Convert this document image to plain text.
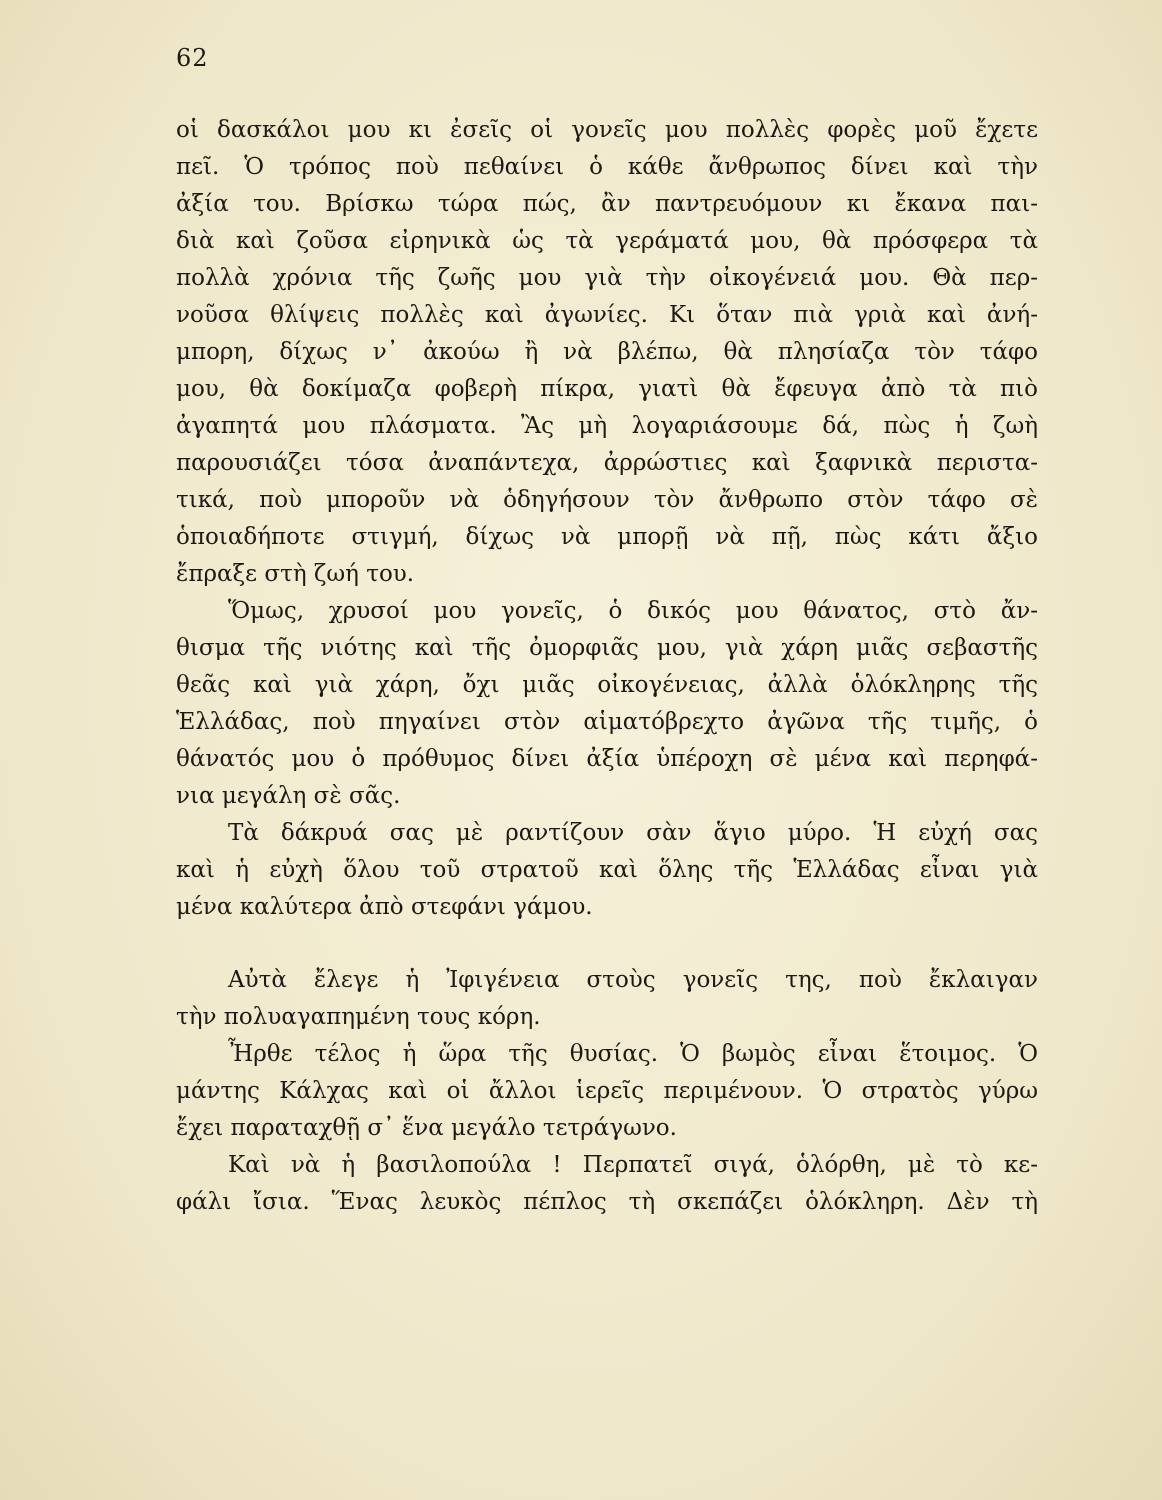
62
οἱ δασκάλοι μου κι ἐσεῖς οἱ γονεῖς μου πολλὲς φορὲς μοῦ ἔχετε
πεῖ. Ὁ τρόπος ποὺ πεθαίνει ὁ κάθε ἄνθρωπος δίνει καὶ τὴν
ἀξία του. Βρίσκω τώρα πώς, ἂν παντρευόμουν κι ἔκανα παι-
διὰ καὶ ζοῦσα εἰρηνικὰ ὡς τὰ γεράματά μου, θὰ πρόσφερα τὰ
πολλὰ χρόνια τῆς ζωῆς μου γιὰ τὴν οἰκογένειά μου. Θὰ περ-
νοῦσα θλίψεις πολλὲς καὶ ἀγωνίες. Κι ὅταν πιὰ γριὰ καὶ ἀνή-
μπορη, δίχως ν᾿ ἀκούω ἢ νὰ βλέπω, θὰ πλησίαζα τὸν τάφο
μου, θὰ δοκίμαζα φοβερὴ πίκρα, γιατὶ θὰ ἔφευγα ἀπὸ τὰ πιὸ
ἀγαπητά μου πλάσματα. Ἂς μὴ λογαριάσουμε δά, πὼς ἡ ζωὴ
παρουσιάζει τόσα ἀναπάντεχα, ἀρρώστιες καὶ ξαφνικὰ περιστα-
τικά, ποὺ μποροῦν νὰ ὁδηγήσουν τὸν ἄνθρωπο στὸν τάφο σὲ
ὁποιαδήποτε στιγμή, δίχως νὰ μπορῇ νὰ πῇ, πὼς κάτι ἄξιο
ἔπραξε στὴ ζωή του.
Ὅμως, χρυσοί μου γονεῖς, ὁ δικός μου θάνατος, στὸ ἄν-
θισμα τῆς νιότης καὶ τῆς ὀμορφιᾶς μου, γιὰ χάρη μιᾶς σεβαστῆς
θεᾶς καὶ γιὰ χάρη, ὄχι μιᾶς οἰκογένειας, ἀλλὰ ὁλόκληρης τῆς
Ἑλλάδας, ποὺ πηγαίνει στὸν αἱματόβρεχτο ἀγῶνα τῆς τιμῆς, ὁ
θάνατός μου ὁ πρόθυμος δίνει ἀξία ὑπέροχη σὲ μένα καὶ περηφά-
νια μεγάλη σὲ σᾶς.
Τὰ δάκρυά σας μὲ ραντίζουν σὰν ἅγιο μύρο. Ἡ εὐχή σας
καὶ ἡ εὐχὴ ὅλου τοῦ στρατοῦ καὶ ὅλης τῆς Ἑλλάδας εἶναι γιὰ
μένα καλύτερα ἀπὸ στεφάνι γάμου.
Αὐτὰ ἔλεγε ἡ Ἰφιγένεια στοὺς γονεῖς της, ποὺ ἔκλαιγαν
τὴν πολυαγαπημένη τους κόρη.
Ἦρθε τέλος ἡ ὥρα τῆς θυσίας. Ὁ βωμὸς εἶναι ἕτοιμος. Ὁ
μάντης Κάλχας καὶ οἱ ἄλλοι ἱερεῖς περιμένουν. Ὁ στρατὸς γύρω
ἔχει παραταχθῇ σ᾿ ἕνα μεγάλο τετράγωνο.
Καὶ νὰ ἡ βασιλοπούλα ! Περπατεῖ σιγά, ὁλόρθη, μὲ τὸ κε-
φάλι ἴσια. Ἕνας λευκὸς πέπλος τὴ σκεπάζει ὁλόκληρη. Δὲν τὴ
